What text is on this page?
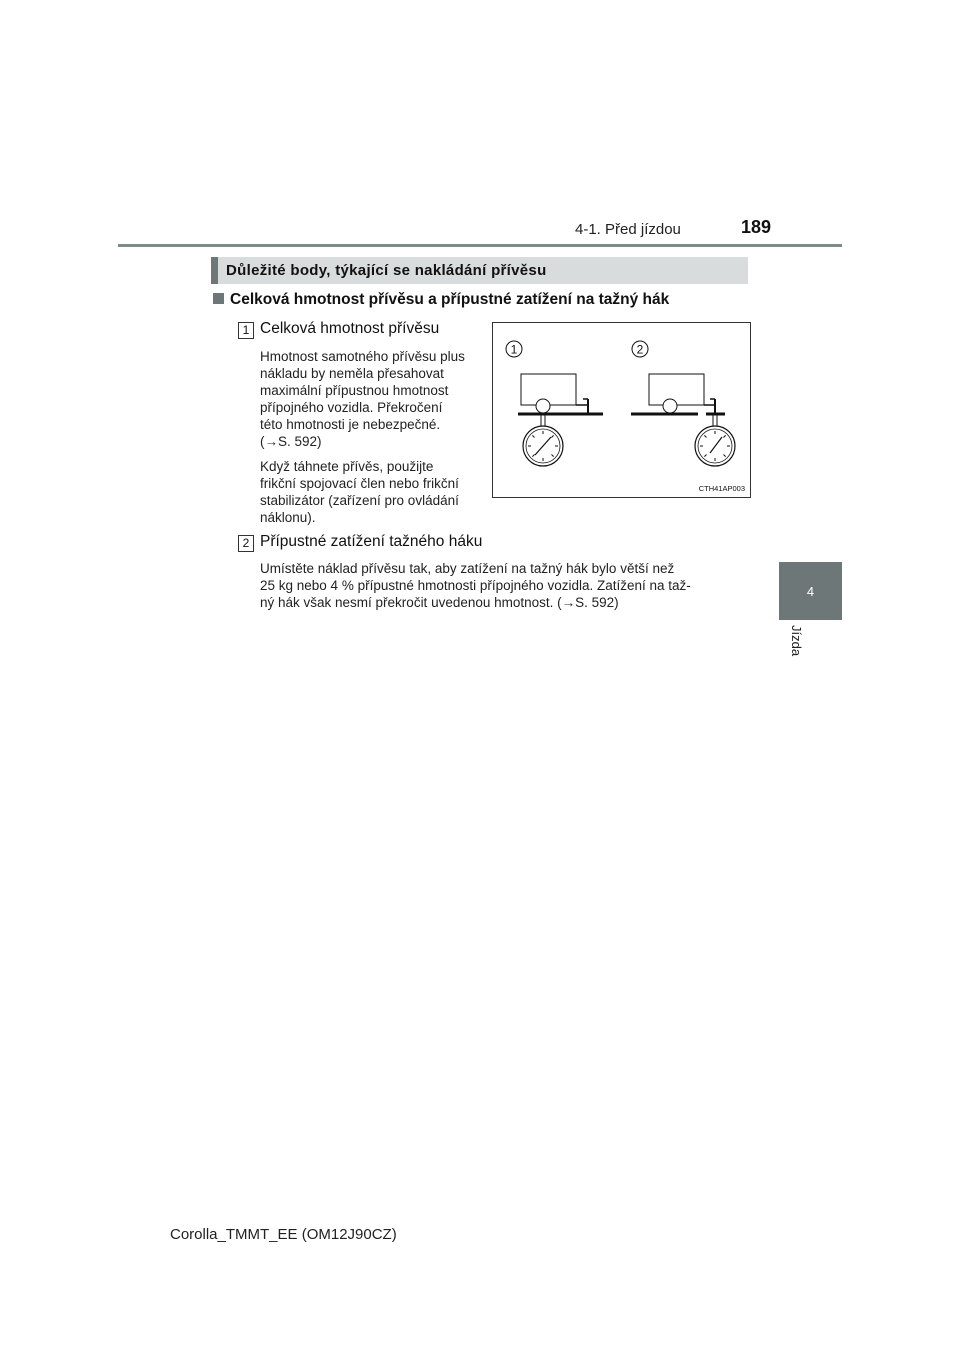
4-1. Před jízdou	189
4
Jízda
Důležité body, týkající se nakládání přívěsu
Celková hmotnost přívěsu a přípustné zatížení na tažný hák
1 Celková hmotnost přívěsu
Hmotnost samotného přívěsu plus
nákladu by neměla přesahovat
maximální přípustnou hmotnost
přípojného vozidla. Překročení
této hmotnosti je nebezpečné.
(→S. 592)
Když táhnete přívěs, použijte
frikční spojovací člen nebo frikční
stabilizátor (zařízení pro ovládání
náklonu).
1	2
CTH41AP003
2 Přípustné zatížení tažného háku
Umístěte náklad přívěsu tak, aby zatížení na tažný hák bylo větší než
25 kg nebo 4 % přípustné hmotnosti přípojného vozidla. Zatížení na taž-
ný hák však nesmí překročit uvedenou hmotnost. (→S. 592)
Corolla_TMMT_EE (OM12J90CZ)
